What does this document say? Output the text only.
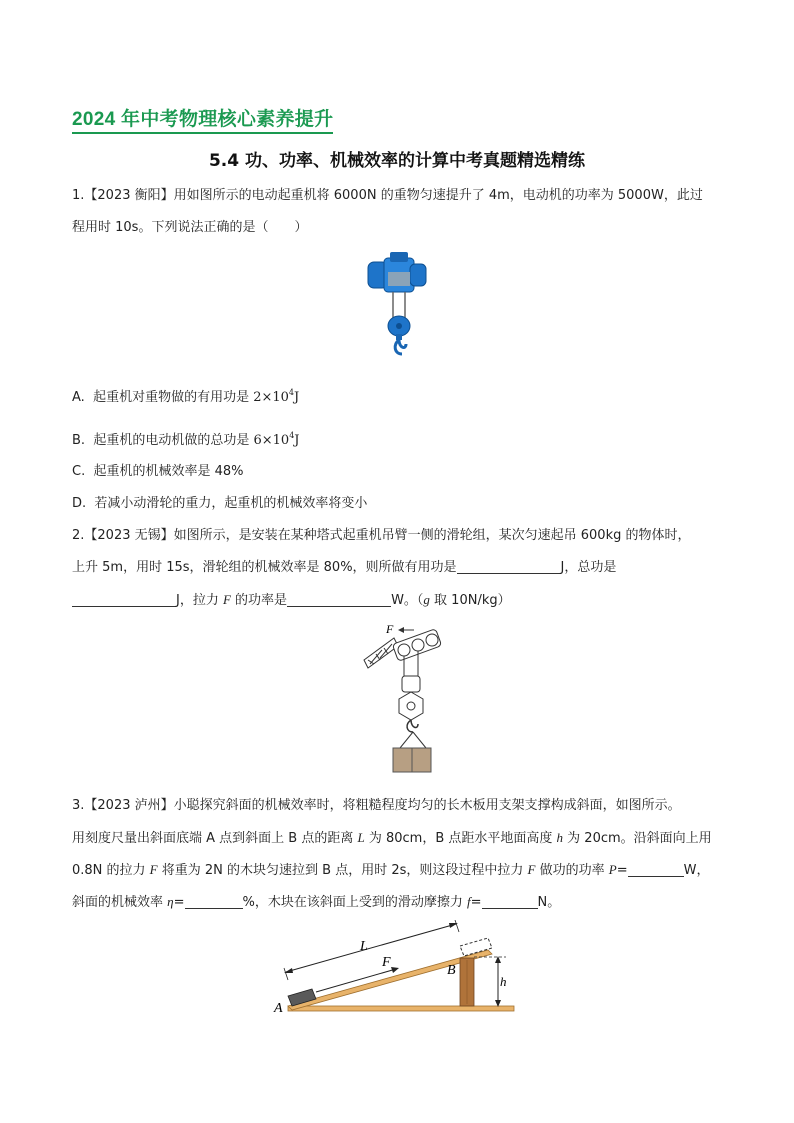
2024 年中考物理核心素养提升
5.4 功、功率、机械效率的计算中考真题精选精练
1.【2023 衡阳】用如图所示的电动起重机将 6000N 的重物匀速提升了 4m，电动机的功率为 5000W，此过
程用时 10s。下列说法正确的是（　　）
A. 起重机对重物做的有用功是 $2\times 10^4J$
B. 起重机的电动机做的总功是 $6\times 10^4J$
C. 起重机的机械效率是 48%
D. 若减小动滑轮的重力，起重机的机械效率将变小
2.【2023 无锡】如图所示，是安装在某种塔式起重机吊臂一侧的滑轮组，某次匀速起吊 600kg 的物体时，
上升 5m，用时 15s，滑轮组的机械效率是 80%，则所做有用功是	J，总功是
J，拉力 F 的功率是	W。（g 取 10N/kg）
F
3.【2023 泸州】小聪探究斜面的机械效率时，将粗糙程度均匀的长木板用支架支撑构成斜面，如图所示。
用刻度尺量出斜面底端 A 点到斜面上 B 点的距离 L 为 80cm，B 点距水平地面高度 h 为 20cm。沿斜面向上用
0.8N 的拉力 F 将重为 2N 的木块匀速拉到 B 点，用时 2s，则这段过程中拉力 F 做功的功率 P=	W，
斜面的机械效率 η=	%，木块在该斜面上受到的滑动摩擦力 f=	N。
L
F
A
B
h
